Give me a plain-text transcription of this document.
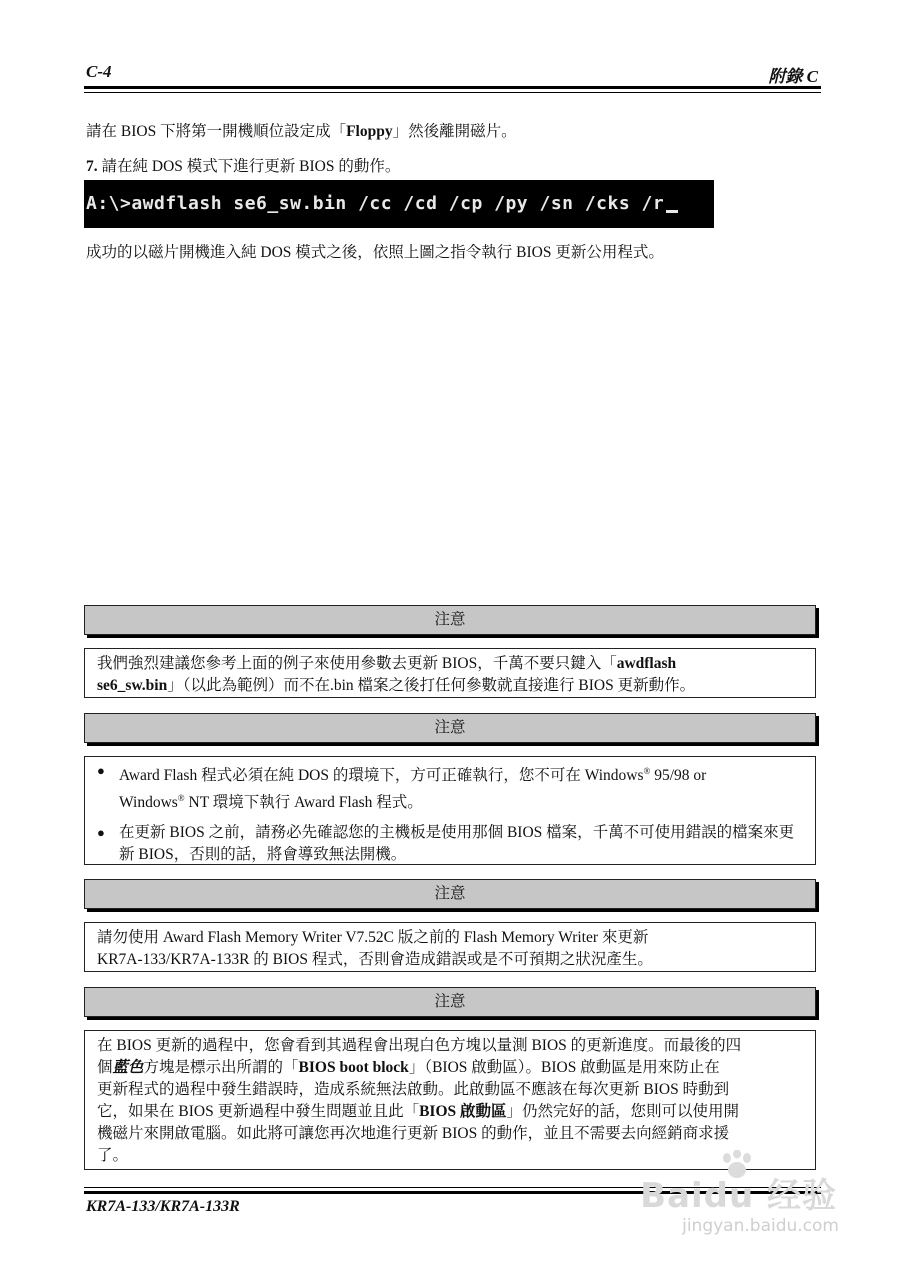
C-4	附錄 C
請在 BIOS 下將第一開機順位設定成「Floppy」然後離開磁片。
7. 請在純 DOS 模式下進行更新 BIOS 的動作。
A:\>awdflash se6_sw.bin /cc /cd /cp /py /sn /cks /r
成功的以磁片開機進入純 DOS 模式之後，依照上圖之指令執行 BIOS 更新公用程式。
注意
我們強烈建議您參考上面的例子來使用參數去更新 BIOS，千萬不要只鍵入「awdflash
se6_sw.bin」（以此為範例）而不在.bin 檔案之後打任何參數就直接進行 BIOS 更新動作。
注意
● Award Flash 程式必須在純 DOS 的環境下，方可正確執行，您不可在 Windows® 95/98 or
Windows® NT 環境下執行 Award Flash 程式。
● 在更新 BIOS 之前，請務必先確認您的主機板是使用那個 BIOS 檔案，千萬不可使用錯誤的檔案來更新 BIOS，否則的話，將會導致無法開機。
注意
請勿使用 Award Flash Memory Writer V7.52C 版之前的 Flash Memory Writer 來更新
KR7A-133/KR7A-133R 的 BIOS 程式，否則會造成錯誤或是不可預期之狀況產生。
注意
在 BIOS 更新的過程中，您會看到其過程會出現白色方塊以量測 BIOS 的更新進度。而最後的四
個藍色方塊是標示出所謂的「BIOS boot block」（BIOS 啟動區）。BIOS 啟動區是用來防止在
更新程式的過程中發生錯誤時，造成系統無法啟動。此啟動區不應該在每次更新 BIOS 時動到
它，如果在 BIOS 更新過程中發生問題並且此「BIOS 啟動區」仍然完好的話，您則可以使用開
機磁片來開啟電腦。如此將可讓您再次地進行更新 BIOS 的動作，並且不需要去向經銷商求援
了。
KR7A-133/KR7A-133R	Baidu 经验
jingyan.baidu.com
